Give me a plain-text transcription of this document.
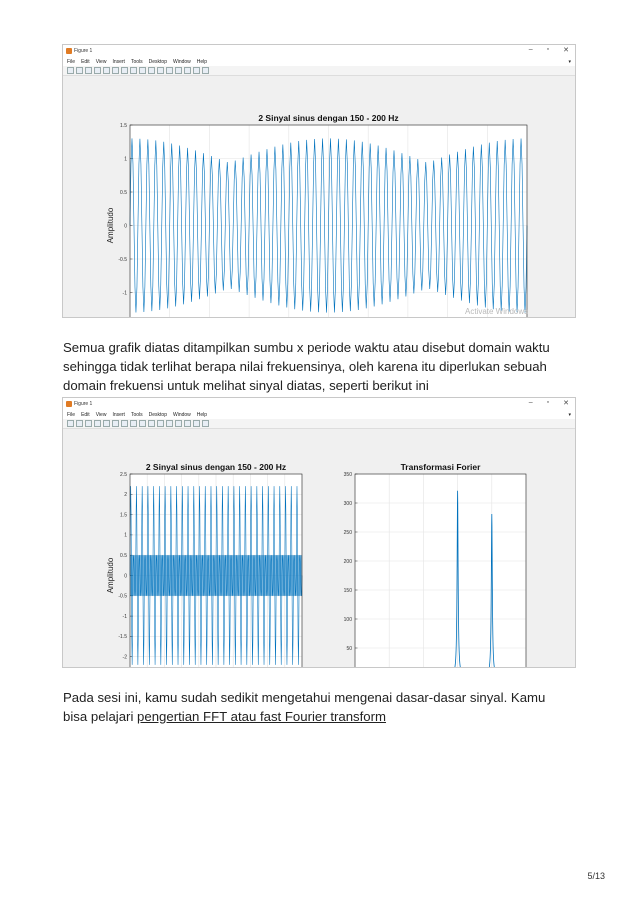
Figure 1	– ▫ ✕
File Edit View Insert Tools Desktop Window Help	▾
-1
-0.5
0
0.5
1
1.5
2 Sinyal sinus dengan 150 - 200 Hz
Amplitudo
Activate Windows
Semua grafik diatas ditampilkan sumbu x periode waktu atau disebut domain waktu sehingga tidak terlihat berapa nilai frekuensinya, oleh karena itu diperlukan sebuah domain frekuensi untuk melihat sinyal diatas, seperti berikut ini
Figure 1	– ▫ ✕
File Edit View Insert Tools Desktop Window Help	▾
-2
-1.5
-1
-0.5
0
0.5
1
1.5
2
2.5
2 Sinyal sinus dengan 150 - 200 Hz
Amplitudo
50
100
150
200
250
300
350
Transformasi Forier
Pada sesi ini, kamu sudah sedikit mengetahui mengenai dasar-dasar sinyal. Kamu bisa pelajari pengertian FFT atau fast Fourier transform
5/13
